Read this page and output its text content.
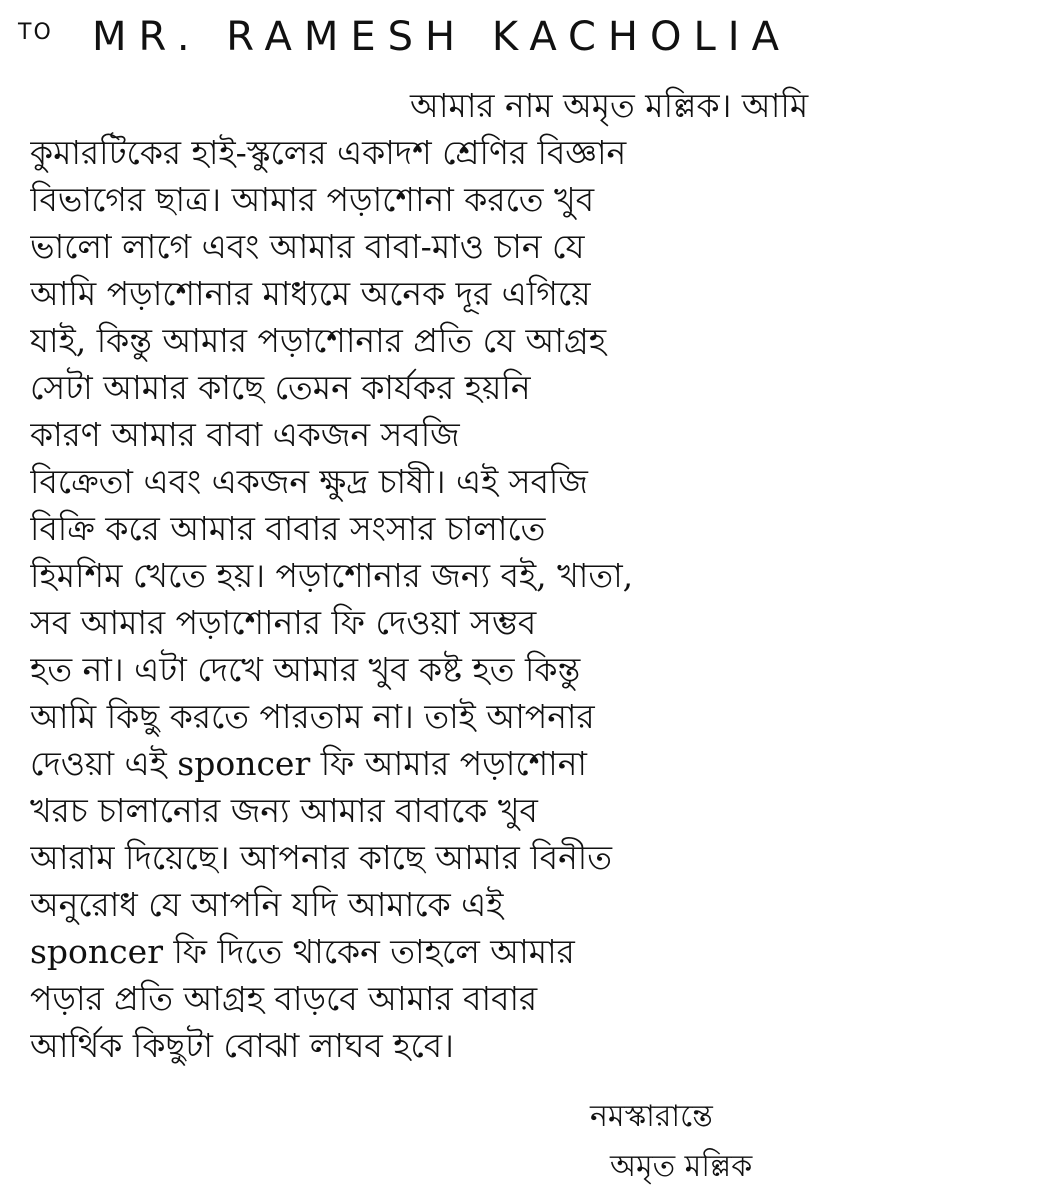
TO MR. RAMESH KACHOLIA
আমার নাম অমৃত মল্লিক। আমি
কুমারটিকের হাই-স্কুলের একাদশ শ্রেণির বিজ্ঞান
বিভাগের ছাত্র। আমার পড়াশোনা করতে খুব
ভালো লাগে এবং আমার বাবা-মাও চান যে
আমি পড়াশোনার মাধ্যমে অনেক দূর এগিয়ে
যাই, কিন্তু আমার পড়াশোনার প্রতি যে আগ্রহ
সেটা আমার কাছে তেমন কার্যকর হয়নি
কারণ আমার বাবা একজন সবজি
বিক্রেতা এবং একজন ক্ষুদ্র চাষী। এই সবজি
বিক্রি করে আমার বাবার সংসার চালাতে
হিমশিম খেতে হয়। পড়াশোনার জন্য বই, খাতা,
সব আমার পড়াশোনার ফি দেওয়া সম্ভব
হত না। এটা দেখে আমার খুব কষ্ট হত কিন্তু
আমি কিছু করতে পারতাম না। তাই আপনার
দেওয়া এই sponcer ফি আমার পড়াশোনা
খরচ চালানোর জন্য আমার বাবাকে খুব
আরাম দিয়েছে। আপনার কাছে আমার বিনীত
অনুরোধ যে আপনি যদি আমাকে এই
sponcer ফি দিতে থাকেন তাহলে আমার
পড়ার প্রতি আগ্রহ বাড়বে আমার বাবার
আর্থিক কিছুটা বোঝা লাঘব হবে।
নমস্কারান্তে
অমৃত মল্লিক
